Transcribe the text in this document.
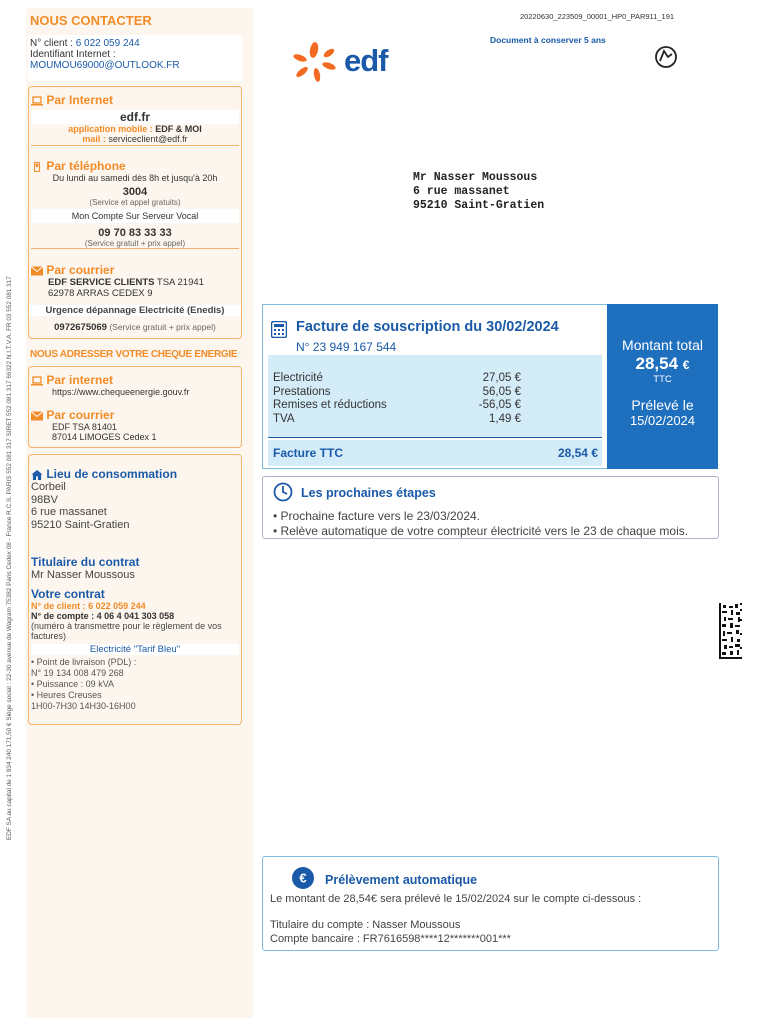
EDF SA au capital de 1 934 240 171,50 € Siège social : 22-30 avenue de Wagram 75382 Paris Cedex 08 - France R.C.S. PARIS 552 081 317 SIRET 552 081 317 66322 N.I.T.V.A. FR 03 552 081 317
NOUS CONTACTER
N° client : 6 022 059 244
Identifiant Internet :
MOUMOU69000@OUTLOOK.FR
Par Internet
edf.fr
application mobile : EDF & MOI
mail : serviceclient@edf.fr
Par téléphone
Du lundi au samedi dès 8h et jusqu'à 20h
3004
(Service et appel gratuits)
Mon Compte Sur Serveur Vocal
09 70 83 33 33
(Service gratuit + prix appel)
Par courrier
EDF SERVICE CLIENTS TSA 21941
62978 ARRAS CEDEX 9
Urgence dépannage Electricité (Enedis)
0972675069 (Service gratuit + prix appel)
NOUS ADRESSER VOTRE CHEQUE ENERGIE
Par internet
https://www.chequeenergie.gouv.fr
Par courrier
EDF TSA 81401
87014 LIMOGES Cedex 1
Lieu de consommation
Corbeil
98BV
6 rue massanet
95210 Saint-Gratien
Titulaire du contrat
Mr Nasser Moussous
Votre contrat
N° de client : 6 022 059 244
N° de compte : 4 06 4 041 303 058
(numéro à transmettre pour le règlement de vos factures)
Electricité "Tarif Bleu"
• Point de livraison (PDL) :
N° 19 134 008 479 268
• Puissance : 09 kVA
• Heures Creuses
1H00-7H30 14H30-16H00
20220630_223509_00001_HP0_PAR911_191
Document à conserver 5 ans
edf
Mr Nasser Moussous
6 rue massanet
95210 Saint-Gratien
Facture de souscription du 30/02/2024
N° 23 949 167 544
Electricité	27,05 €
Prestations	56,05 €
Remises et réductions	-56,05 €
TVA	1,49 €
Facture TTC	28,54 €
Montant total
28,54 €
TTC
Prélevé le
15/02/2024
Les prochaines étapes
• Prochaine facture vers le 23/03/2024.
• Relève automatique de votre compteur électricité vers le 23 de chaque mois.
€ Prélèvement automatique
Le montant de 28,54€ sera prélevé le 15/02/2024 sur le compte ci-dessous :
Titulaire du compte : Nasser Moussous
Compte bancaire : FR7616598****12*******001***
